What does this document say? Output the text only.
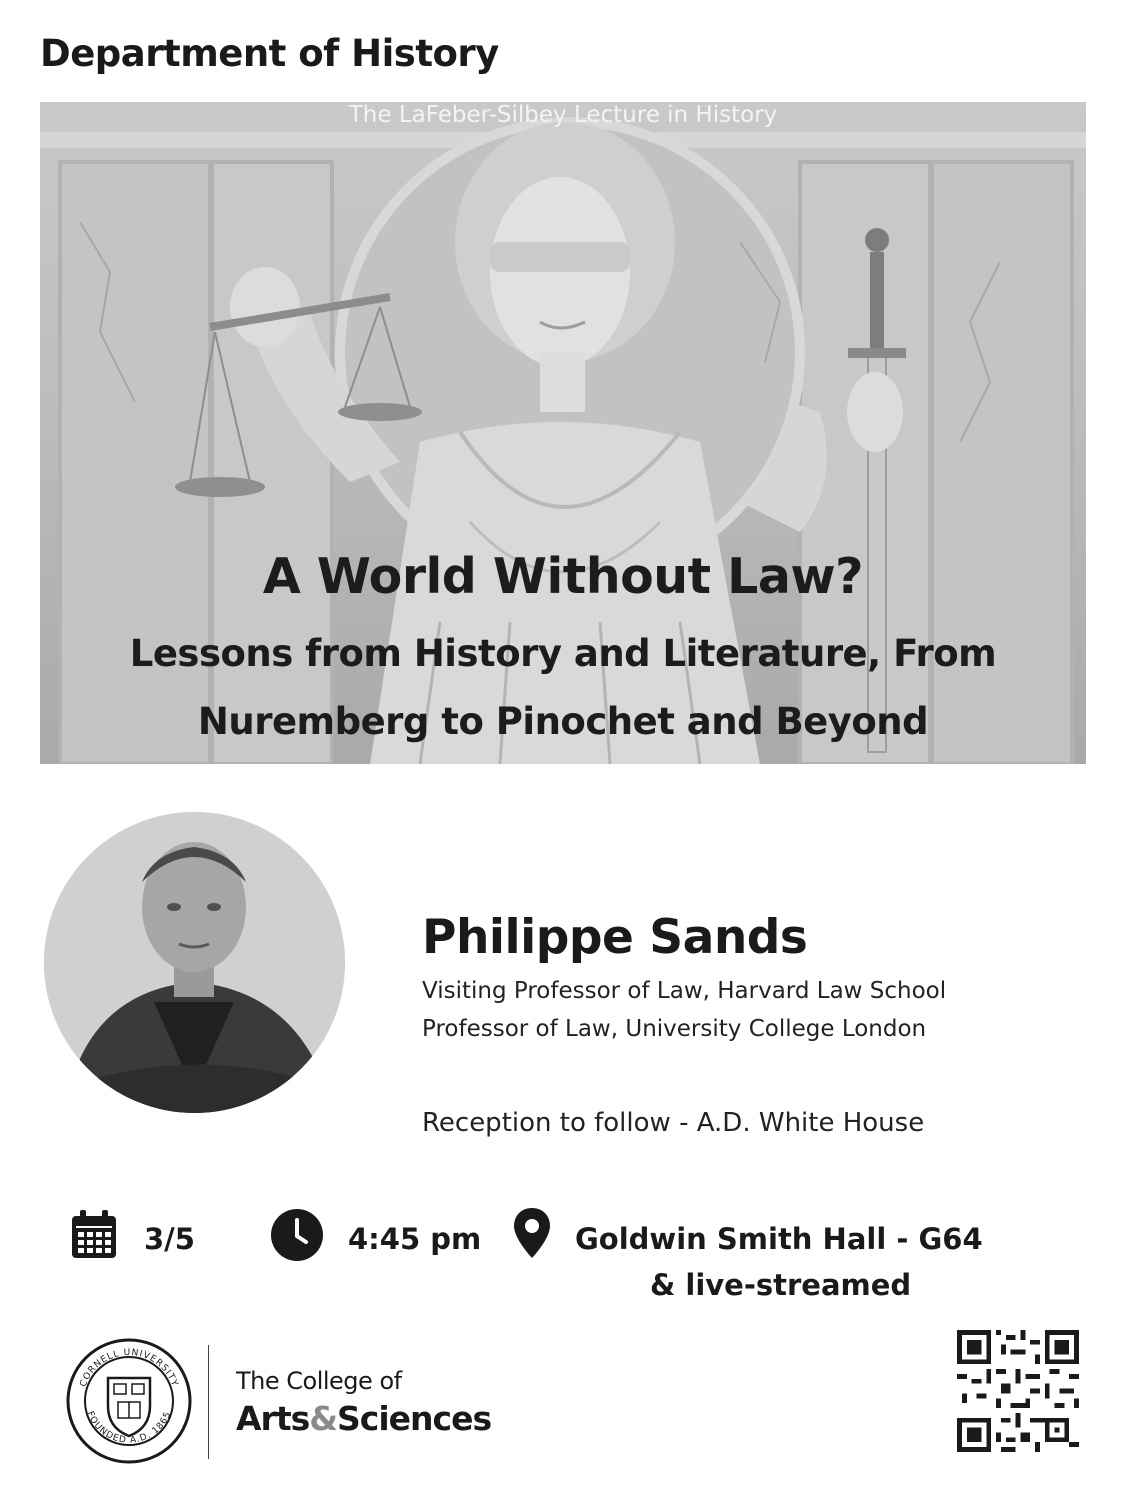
Department of History
The LaFeber-Silbey Lecture in History
A World Without Law?
Lessons from History and Literature, From
Nuremberg to Pinochet and Beyond
Philippe Sands
Visiting Professor of Law, Harvard Law School
Professor of Law, University College London
Reception to follow - A.D. White House
3/5	4:45 pm	Goldwin Smith Hall - G64
& live-streamed
CORNELL UNIVERSITY
FOUNDED A.D. 1865
The College of
Arts&Sciences
